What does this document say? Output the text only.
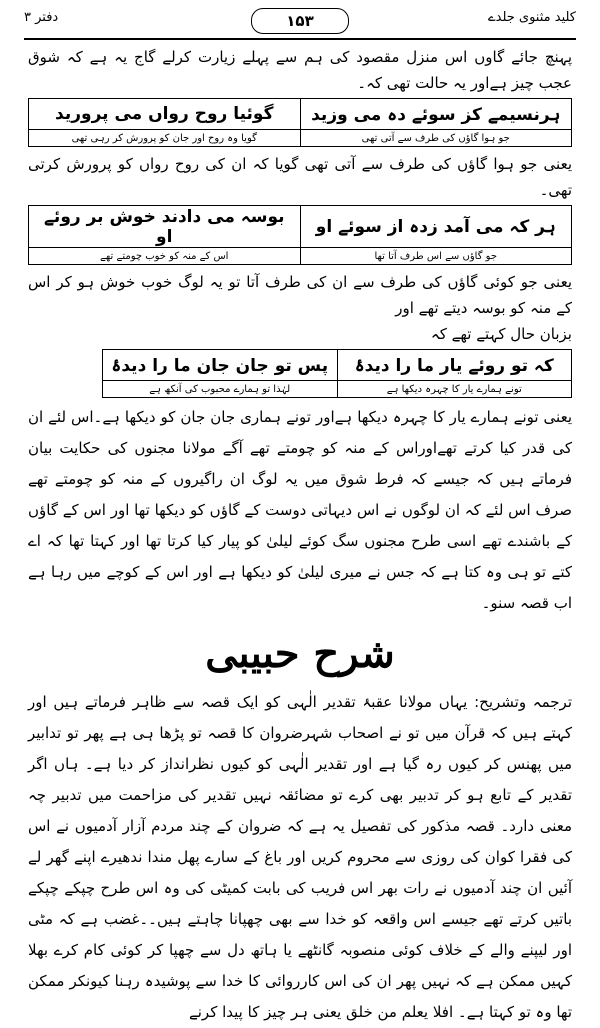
کلید مثنوی جلدے
۱۵۳
دفتر ۳

پہنچ جائے گاوں اس منزل مقصود کی ہم سے پہلے زیارت کرلے گاج یہ ہے کہ شوق عجب چیز ہےاور یہ حالت تھی کہ۔

ہرنسیمے کز سوئے دہ می وزید	گوئیا روح رواں می پرورید
جو ہوا گاؤں کی طرف سے آتی تھی	گویا وہ روح اور جان کو پرورش کر رہی تھی

یعنی جو ہوا گاؤں کی طرف سے آتی تھی گویا کہ ان کی روح رواں کو پرورش کرتی تھی۔

ہر کہ می آمد زدہ از سوئے او	بوسہ می دادند خوش بر روئے او
جو گاؤں سے اس طرف آتا تھا	اس کے منہ کو خوب چومتے تھے

یعنی جو کوئی گاؤں کی طرف سے ان کی طرف آتا تو یہ لوگ خوب خوش ہو کر اس کے منہ کو بوسہ دیتے تھے اور

بزبان حال کہتے تھے کہ

کہ تو روئے یار ما را دیدۂ	پس تو جان جان ما را دیدۂ
تونے ہمارے یار کا چہرہ دیکھا ہے	لہٰذا تو ہمارے محبوب کی آنکھ ہے

یعنی تونے ہمارے یار کا چہرہ دیکھا ہےاور تونے ہماری جان جان کو دیکھا ہے۔اس لئے ان کی قدر کیا کرتے تھےاوراس کے منہ کو چومتے تھے آگے مولانا مجنوں کی حکایت بیان فرماتے ہیں کہ جیسے کہ فرط شوق میں یہ لوگ ان راگیروں کے منہ کو چومتے تھے صرف اس لئے کہ ان لوگوں نے اس دیہاتی دوست کے گاؤں کو دیکھا تھا اور اس کے گاؤں کے باشندے تھے اسی طرح مجنوں سگ کوئے لیلیٰ کو پیار کیا کرتا تھا اور کہتا تھا کہ اے کتے تو ہی وہ کتا ہے کہ جس نے میری لیلیٰ کو دیکھا ہے اور اس کے کوچے میں رہا ہے اب قصہ سنو۔

شرح حبیبی

ترجمہ وتشریح: یہاں مولانا عقبۂ تقدیر الٰہی کو ایک قصہ سے ظاہر فرماتے ہیں اور کہتے ہیں کہ قرآن میں تو نے اصحاب شہرضروان کا قصہ تو پڑھا ہی ہے پھر تو تدابیر میں پھنس کر کیوں رہ گیا ہے اور تقدیر الٰہی کو کیوں نظرانداز کر دیا ہے۔ ہاں اگر تقدیر کے تابع ہو کر تدبیر بھی کرے تو مضائقہ نہیں تقدیر کی مزاحمت میں تدبیر چہ معنی دارد۔ قصہ مذکور کی تفصیل یہ ہے کہ ضروان کے چند مردم آزار آدمیوں نے اس کی فقرا کوان کی روزی سے محروم کریں اور باغ کے سارے پھل مندا ندھیرے اپنے گھر لے آئیں ان چند آدمیوں نے رات بھر اس فریب کی بابت کمیٹی کی وہ اس طرح چپکے چپکے باتیں کرتے تھے جیسے اس واقعہ کو خدا سے بھی چھپانا چاہتے ہیں۔۔غضب ہے کہ مٹی اور لیپنے والے کے خلاف کوئی منصوبہ گانٹھے یا ہاتھ دل سے چھپا کر کوئی کام کرے بھلا کہیں ممکن ہے کہ نہیں پھر ان کی اس کارروائی کا خدا سے پوشیدہ رہنا کیونکر ممکن تھا وہ تو کہتا ہے۔ افلا یعلم من خلق یعنی ہر چیز کا پیدا کرنے
